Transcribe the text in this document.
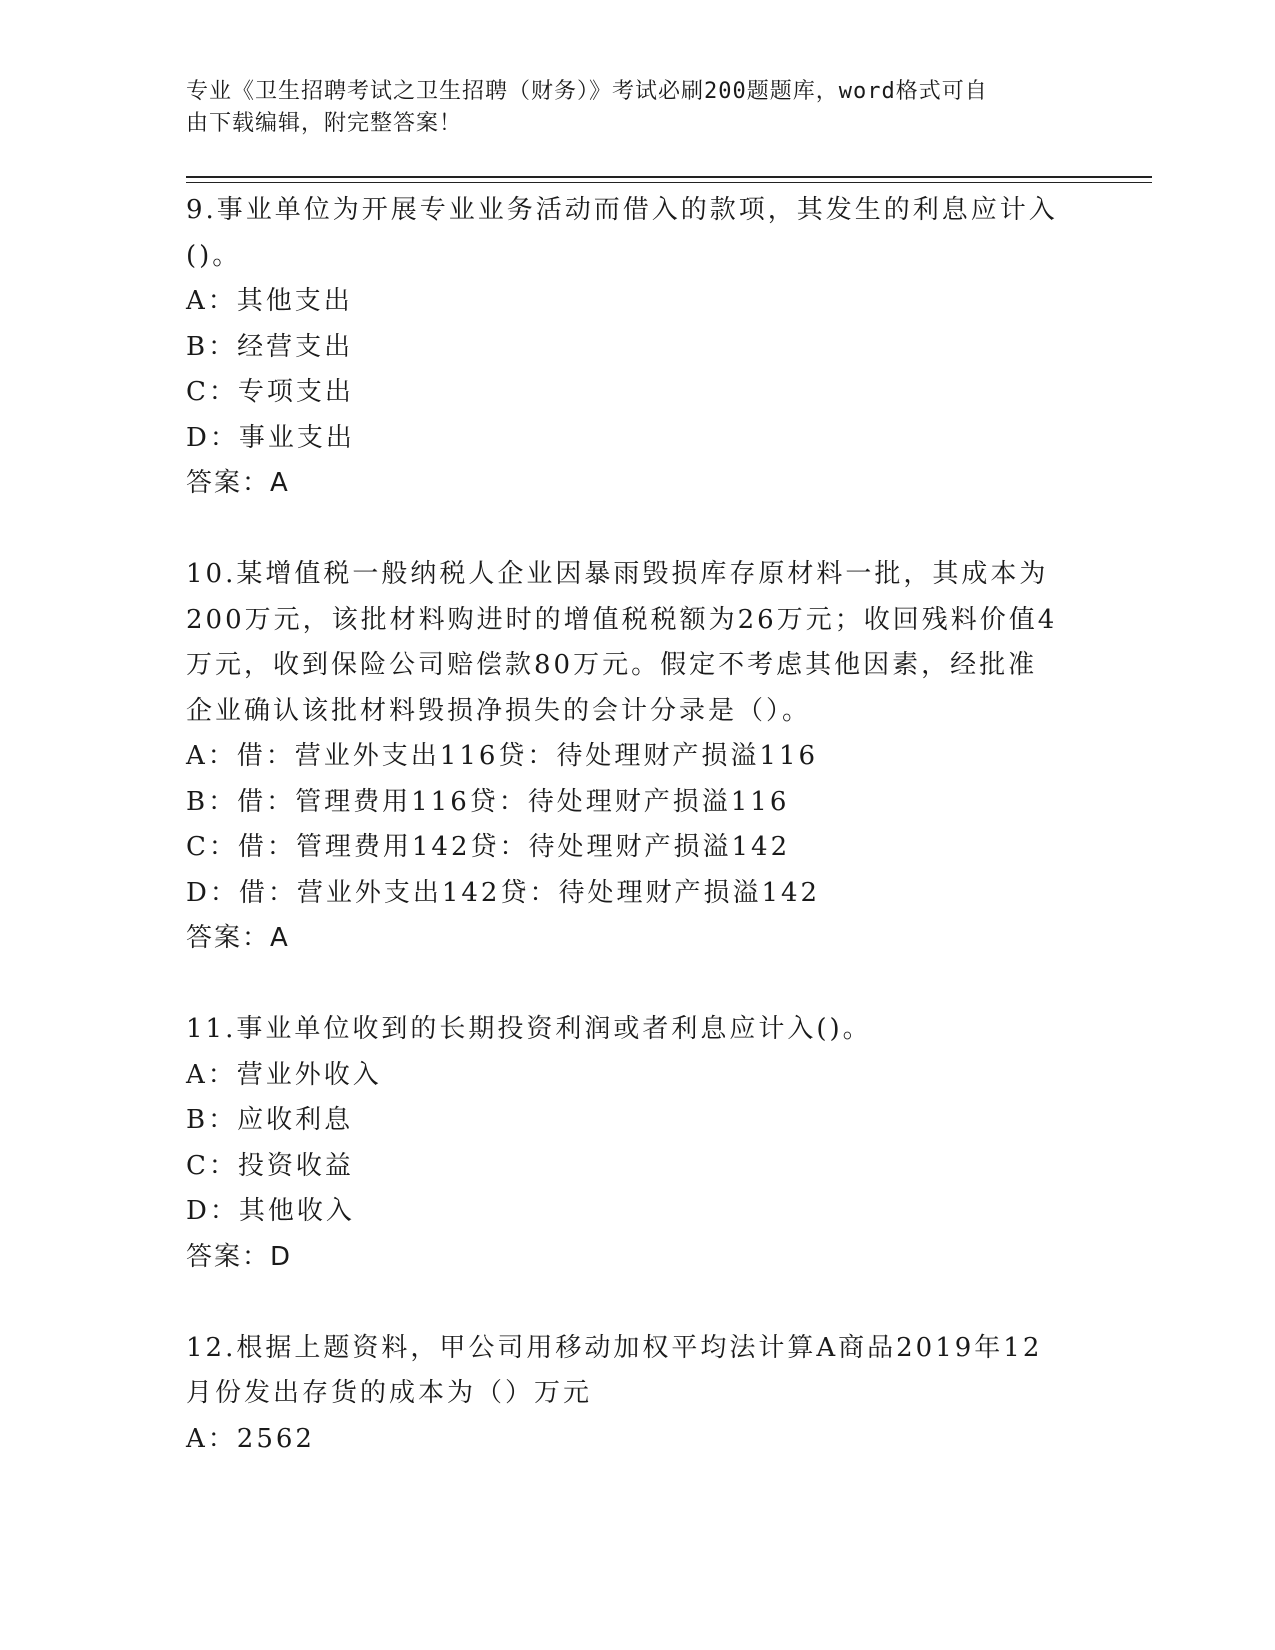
专业《卫生招聘考试之卫生招聘（财务）》考试必刷200题题库，word格式可自
由下载编辑，附完整答案！

9.事业单位为开展专业业务活动而借入的款项，其发生的利息应计入()。

A：其他支出

B：经营支出

C：专项支出

D：事业支出

答案：A

10.某增值税一般纳税人企业因暴雨毁损库存原材料一批，其成本为200万元，该批材料购进时的增值税税额为26万元；收回残料价值4万元，收到保险公司赔偿款80万元。假定不考虑其他因素，经批准企业确认该批材料毁损净损失的会计分录是（）。

A：借：营业外支出116贷：待处理财产损溢116

B：借：管理费用116贷：待处理财产损溢116

C：借：管理费用142贷：待处理财产损溢142

D：借：营业外支出142贷：待处理财产损溢142

答案：A

11.事业单位收到的长期投资利润或者利息应计入()。

A：营业外收入

B：应收利息

C：投资收益

D：其他收入

答案：D

12.根据上题资料，甲公司用移动加权平均法计算A商品2019年12月份发出存货的成本为（）万元

A：2562
